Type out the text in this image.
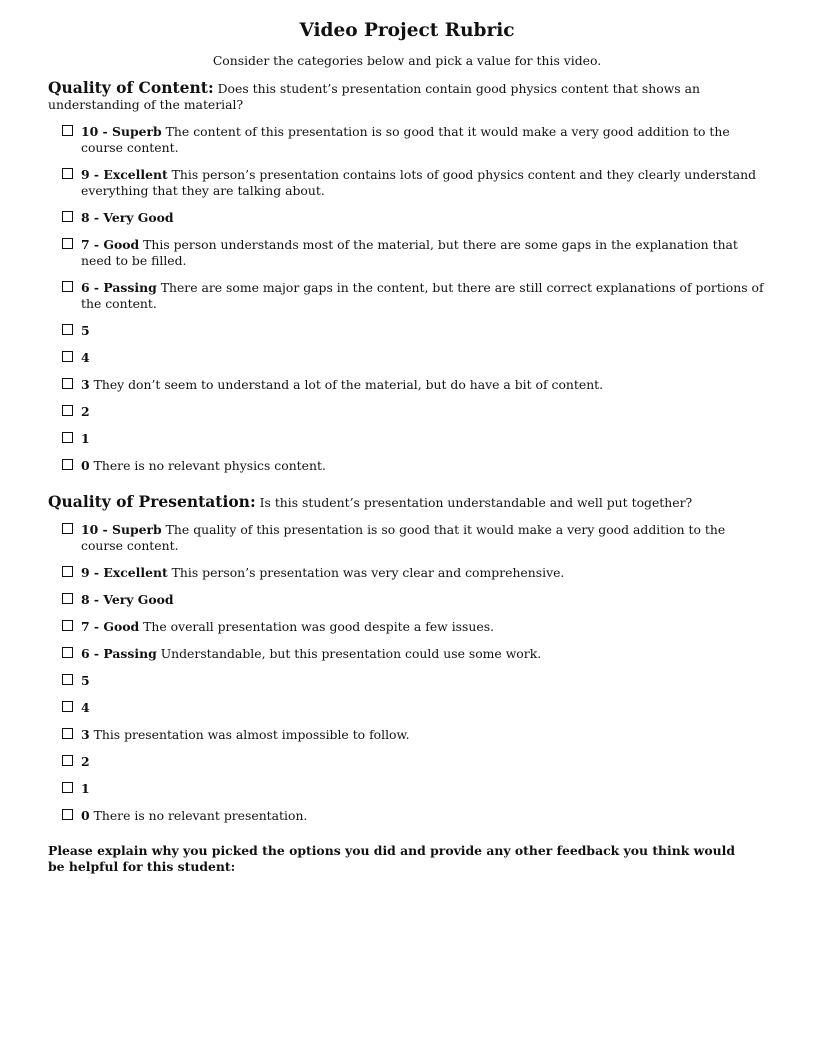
Video Project Rubric
Consider the categories below and pick a value for this video.
Quality of Content: Does this student’s presentation contain good physics content that shows an understanding of the material?
10 - Superb The content of this presentation is so good that it would make a very good addition to the course content.
9 - Excellent This person’s presentation contains lots of good physics content and they clearly understand everything that they are talking about.
8 - Very Good
7 - Good This person understands most of the material, but there are some gaps in the explanation that need to be filled.
6 - Passing There are some major gaps in the content, but there are still correct explanations of portions of the content.
5
4
3 They don’t seem to understand a lot of the material, but do have a bit of content.
2
1
0 There is no relevant physics content.
Quality of Presentation: Is this student’s presentation understandable and well put together?
10 - Superb The quality of this presentation is so good that it would make a very good addition to the course content.
9 - Excellent This person’s presentation was very clear and comprehensive.
8 - Very Good
7 - Good The overall presentation was good despite a few issues.
6 - Passing Understandable, but this presentation could use some work.
5
4
3 This presentation was almost impossible to follow.
2
1
0 There is no relevant presentation.
Please explain why you picked the options you did and provide any other feedback you think would be helpful for this student:
